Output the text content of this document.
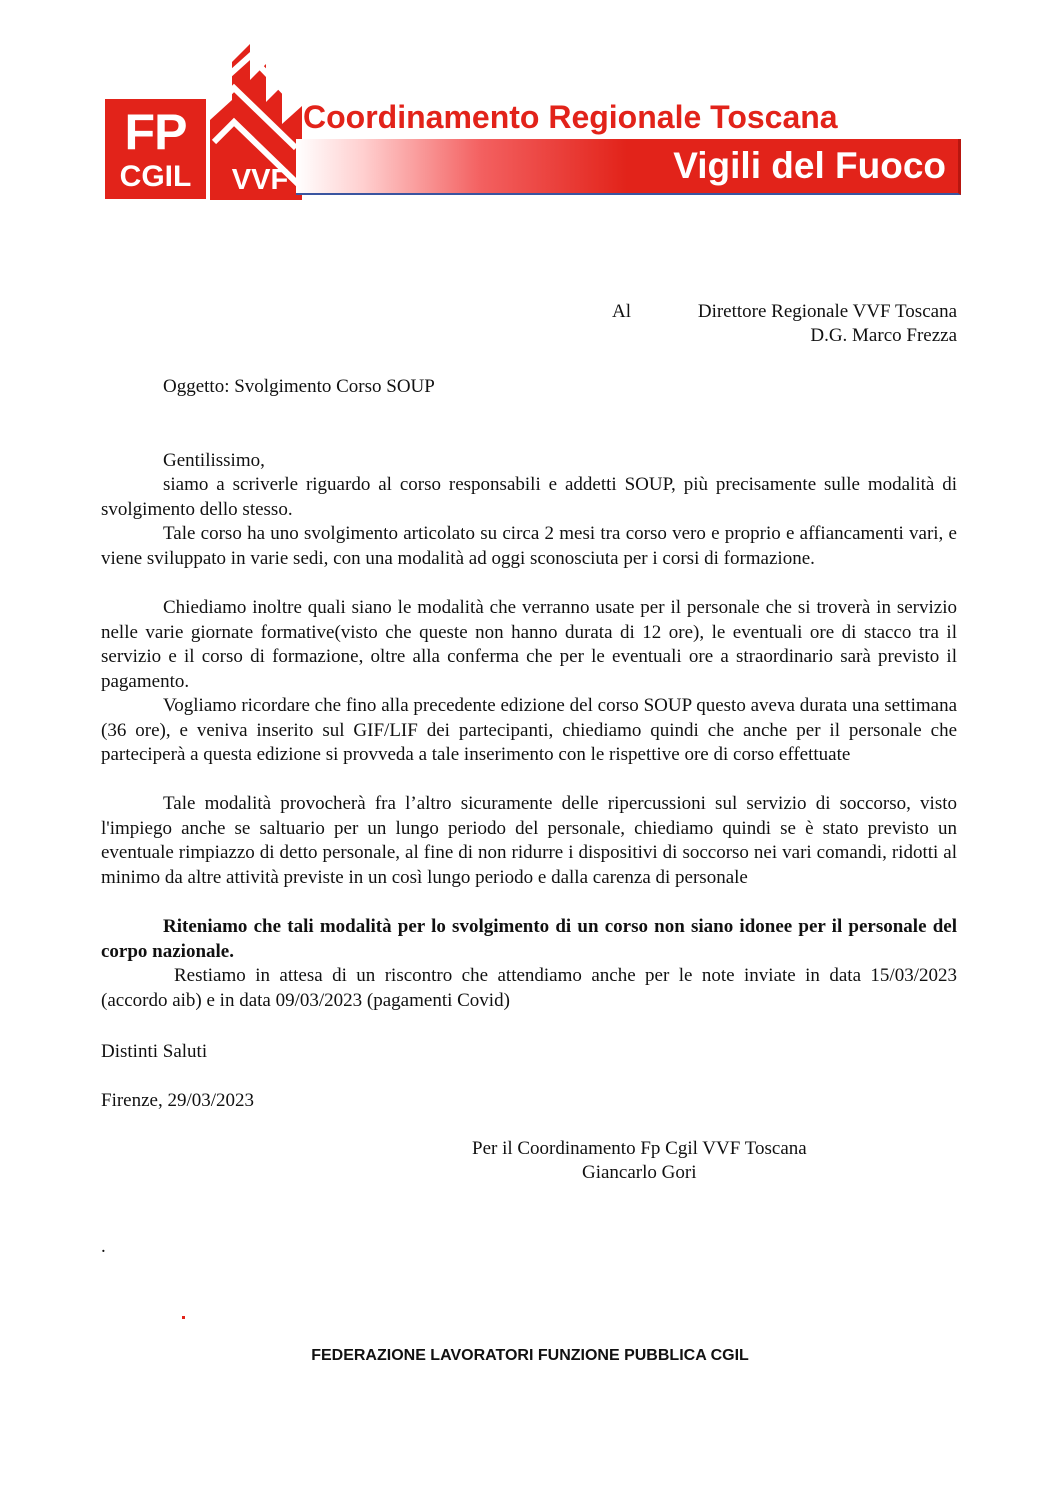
FP
CGIL	VVF
Coordinamento Regionale Toscana
Vigili del Fuoco
Al	Direttore Regionale VVF Toscana
D.G. Marco Frezza
Oggetto: Svolgimento Corso SOUP
Gentilissimo,

siamo a scriverle riguardo al corso responsabili e addetti SOUP, più precisamente sulle modalità di svolgimento dello stesso.

Tale corso ha uno svolgimento articolato su circa 2 mesi tra corso vero e proprio e affiancamenti vari, e viene sviluppato in varie sedi, con una modalità ad oggi sconosciuta per i corsi di formazione.

Chiediamo inoltre quali siano le modalità che verranno usate per il personale che si troverà in servizio nelle varie giornate formative(visto che queste non hanno durata di 12 ore), le eventuali ore di stacco tra il servizio e il corso di formazione, oltre alla conferma che per le eventuali ore a straordinario sarà previsto il pagamento.

Vogliamo ricordare che fino alla precedente edizione del corso SOUP questo aveva durata una settimana (36 ore), e veniva inserito sul GIF/LIF dei partecipanti, chiediamo quindi che anche per il personale che parteciperà a questa edizione si provveda a tale inserimento con le rispettive ore di corso effettuate

Tale modalità provocherà fra l’altro sicuramente delle ripercussioni sul servizio di soccorso, visto l'impiego anche se saltuario per un lungo periodo del personale, chiediamo quindi se è stato previsto un eventuale rimpiazzo di detto personale, al fine di non ridurre i dispositivi di soccorso nei vari comandi, ridotti al minimo da altre attività previste in un così lungo periodo e dalla carenza di personale

Riteniamo che tali modalità per lo svolgimento di un corso non siano idonee per il personale del corpo nazionale.

Restiamo in attesa di un riscontro che attendiamo anche per le note inviate in data 15/03/2023 (accordo aib) e in data 09/03/2023 (pagamenti Covid)

Distinti Saluti
Firenze, 29/03/2023
Per il Coordinamento Fp Cgil VVF Toscana
Giancarlo Gori
.
FEDERAZIONE LAVORATORI FUNZIONE PUBBLICA CGIL
